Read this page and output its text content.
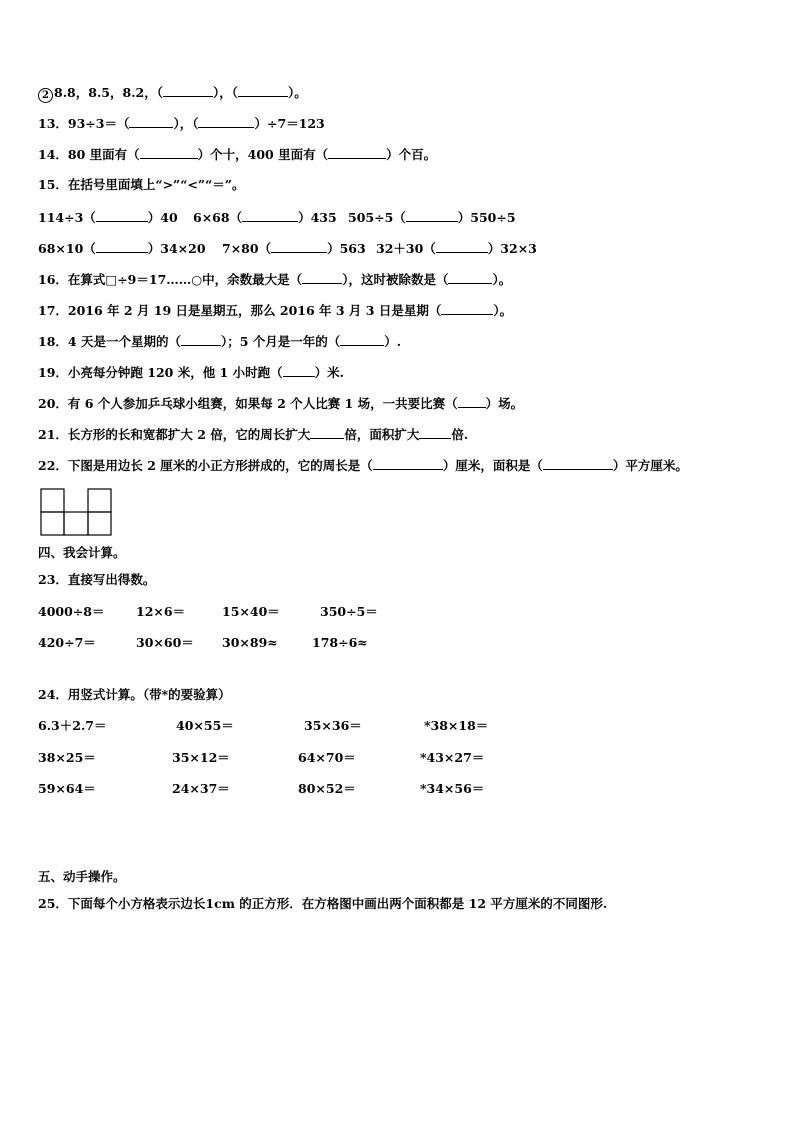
2 8.8，8.5，8.2，（	），（	）。
13．93÷3＝（	），（	）÷7＝123
14．80 里面有（	）个十，400 里面有（	）个百。
15．在括号里面填上“>”“<”“＝”。
114÷3（	）40 6×68（	）435 505÷5（	）550÷5
68×10（	）34×20 7×80（	）563 32＋30（	）32×3
16．在算式□÷9＝17……○中，余数最大是（	），这时被除数是（	）。
17．2016 年 2 月 19 日是星期五，那么 2016 年 3 月 3 日是星期（	）。
18．4 天是一个星期的（	）；5 个月是一年的（	）.
19．小亮每分钟跑 120 米，他 1 小时跑（	）米.
20．有 6 个人参加乒乓球小组赛，如果每 2 个人比赛 1 场，一共要比赛（ ）场。
21．长方形的长和宽都扩大 2 倍，它的周长扩大	倍，面积扩大	倍.
22．下图是用边长 2 厘米的小正方形拼成的，它的周长是（	）厘米，面积是（	）平方厘米。
四、我会计算。
23．直接写出得数。
4000÷8＝	12×6＝	15×40＝	350÷5＝
420÷7＝	30×60＝ 30×89≈	178÷6≈
24．用竖式计算。（带*的要验算）
6.3＋2.7＝	40×55＝	35×36＝	*38×18＝
38×25＝	35×12＝	64×70＝	*43×27＝
59×64＝	24×37＝	80×52＝	*34×56＝
五、动手操作。
25．下面每个小方格表示边长1cm 的正方形．在方格图中画出两个面积都是 12 平方厘米的不同图形.
